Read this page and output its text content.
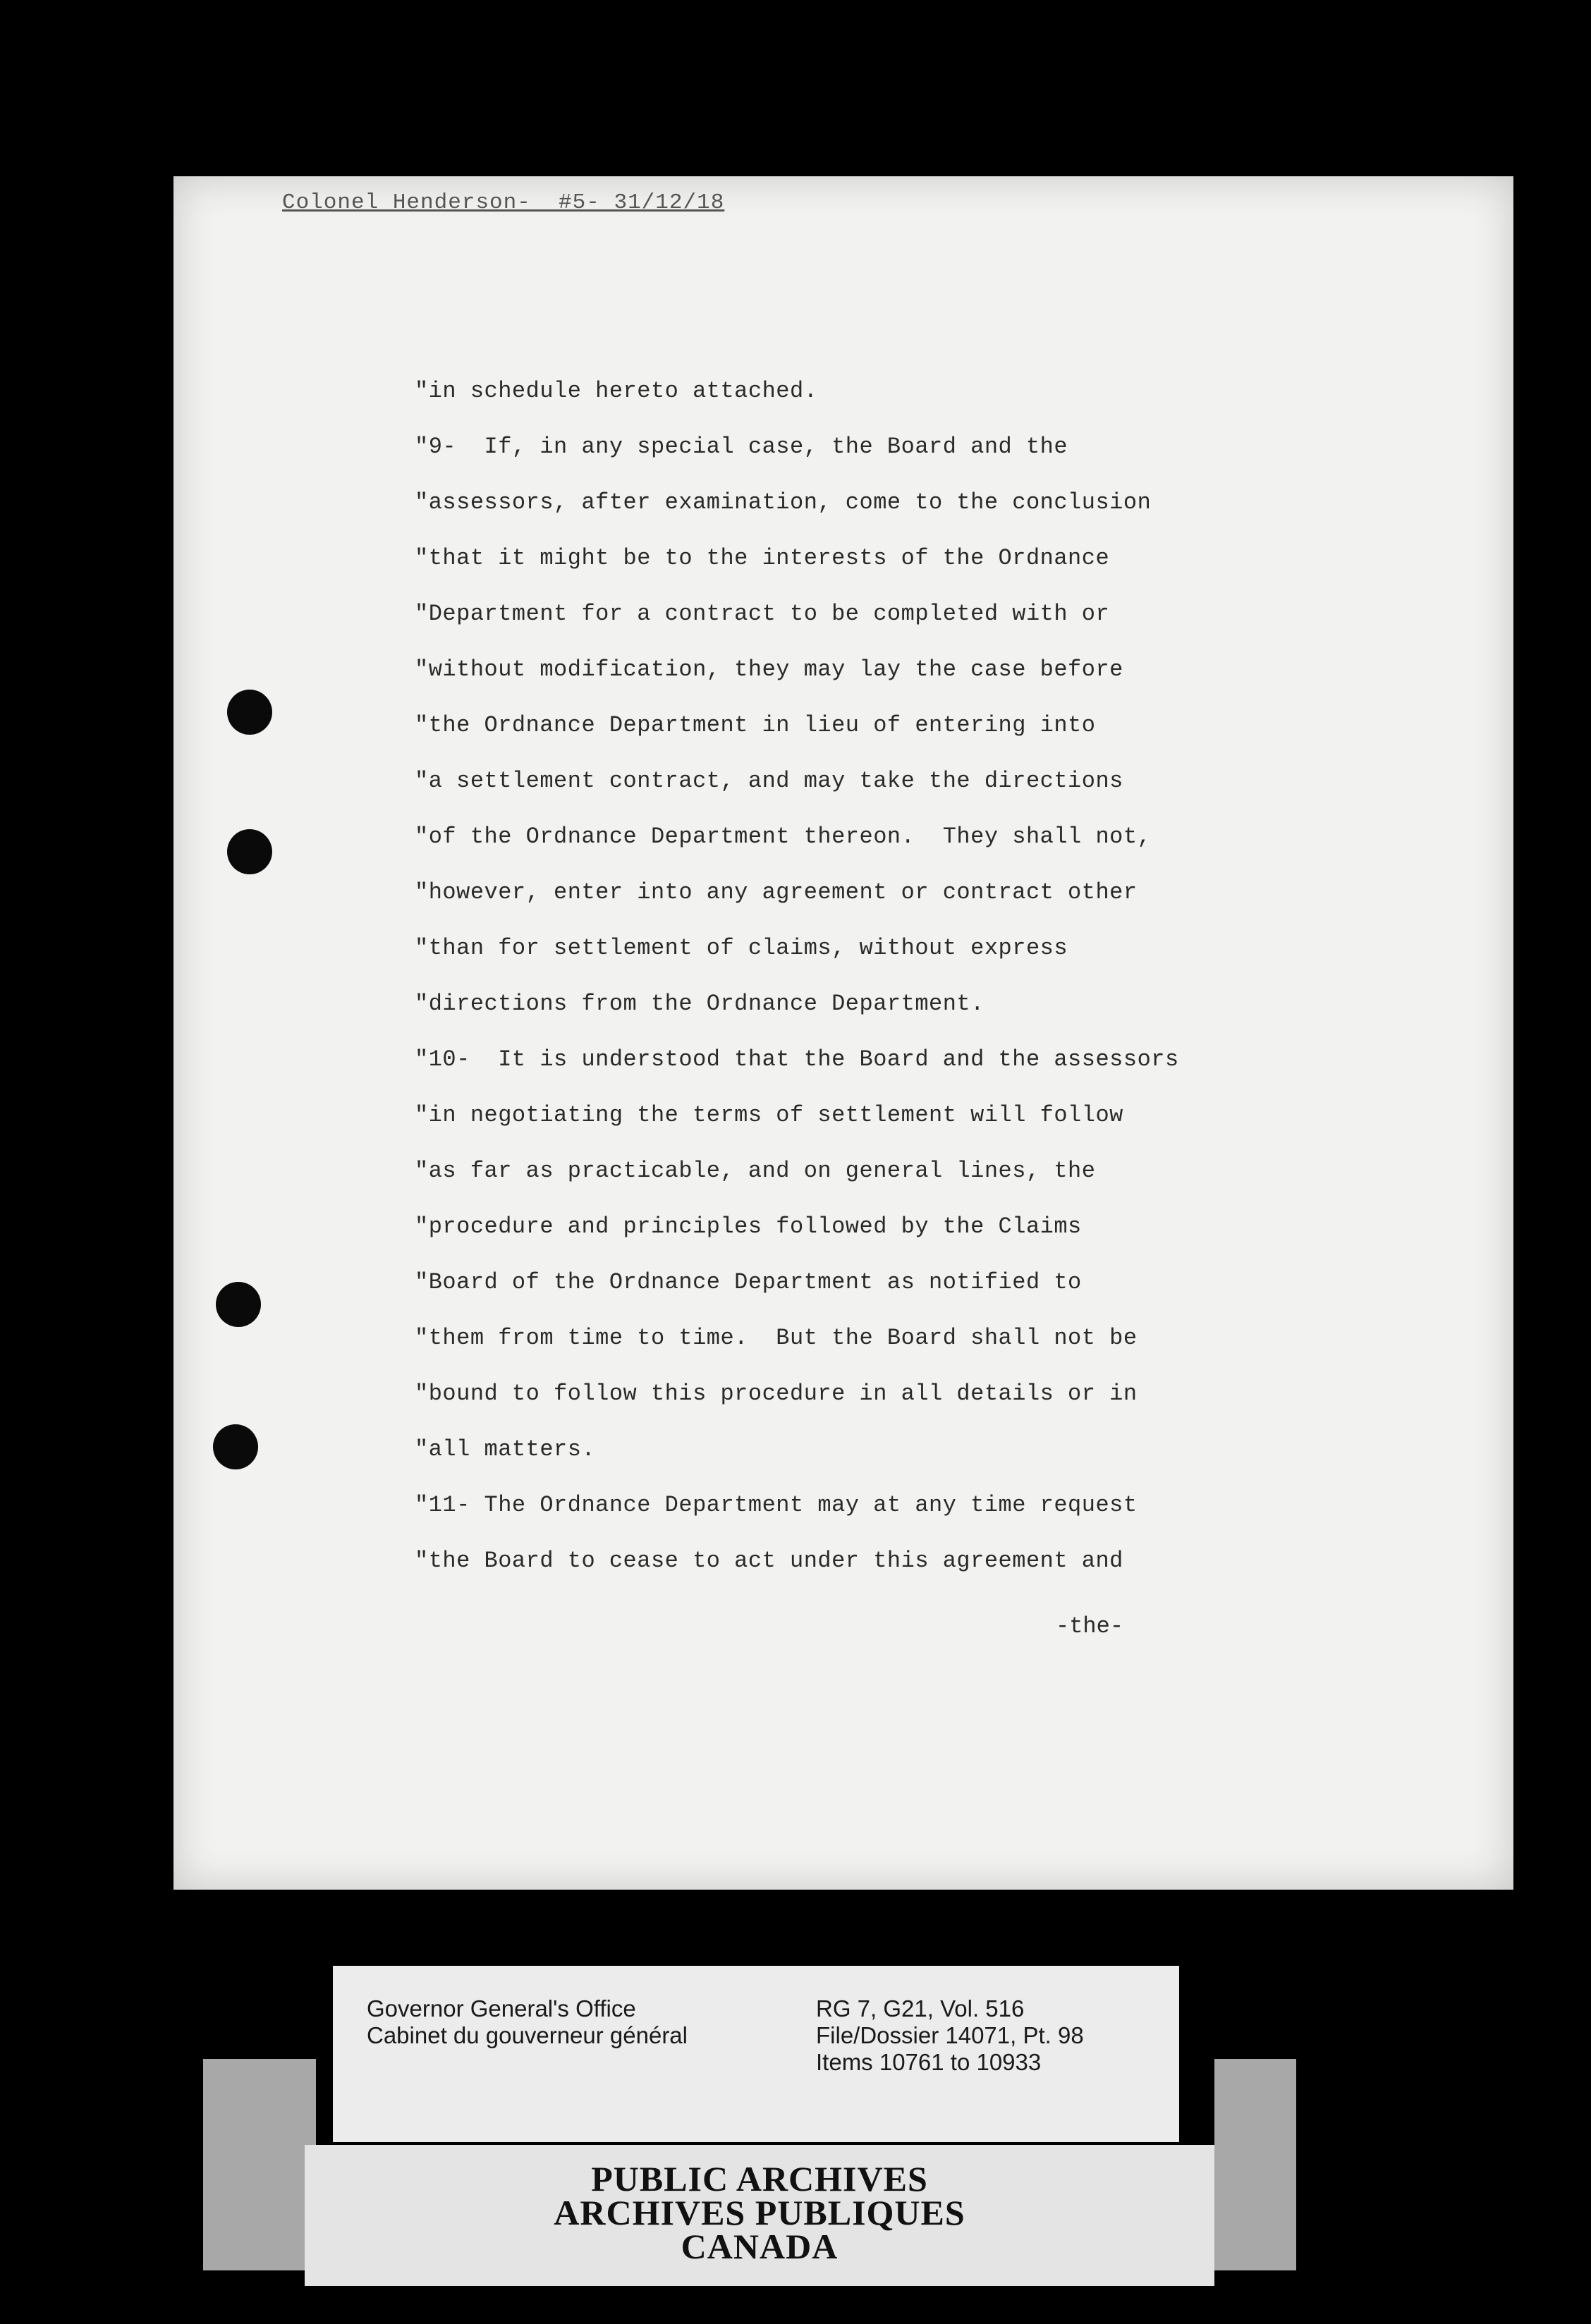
Colonel Henderson-  #5- 31/12/18
"in schedule hereto attached.
"9-  If, in any special case, the Board and the
"assessors, after examination, come to the conclusion
"that it might be to the interests of the Ordnance
"Department for a contract to be completed with or
"without modification, they may lay the case before
"the Ordnance Department in lieu of entering into
"a settlement contract, and may take the directions
"of the Ordnance Department thereon.  They shall not,
"however, enter into any agreement or contract other
"than for settlement of claims, without express
"directions from the Ordnance Department.
"10-  It is understood that the Board and the assessors
"in negotiating the terms of settlement will follow
"as far as practicable, and on general lines, the
"procedure and principles followed by the Claims
"Board of the Ordnance Department as notified to
"them from time to time.  But the Board shall not be
"bound to follow this procedure in all details or in
"all matters.
"11- The Ordnance Department may at any time request
"the Board to cease to act under this agreement and
-the-
Governor General's Office
Cabinet du gouverneur général
RG 7, G21, Vol. 516
File/Dossier 14071, Pt. 98
Items 10761 to 10933
PUBLIC ARCHIVES
ARCHIVES PUBLIQUES
CANADA
